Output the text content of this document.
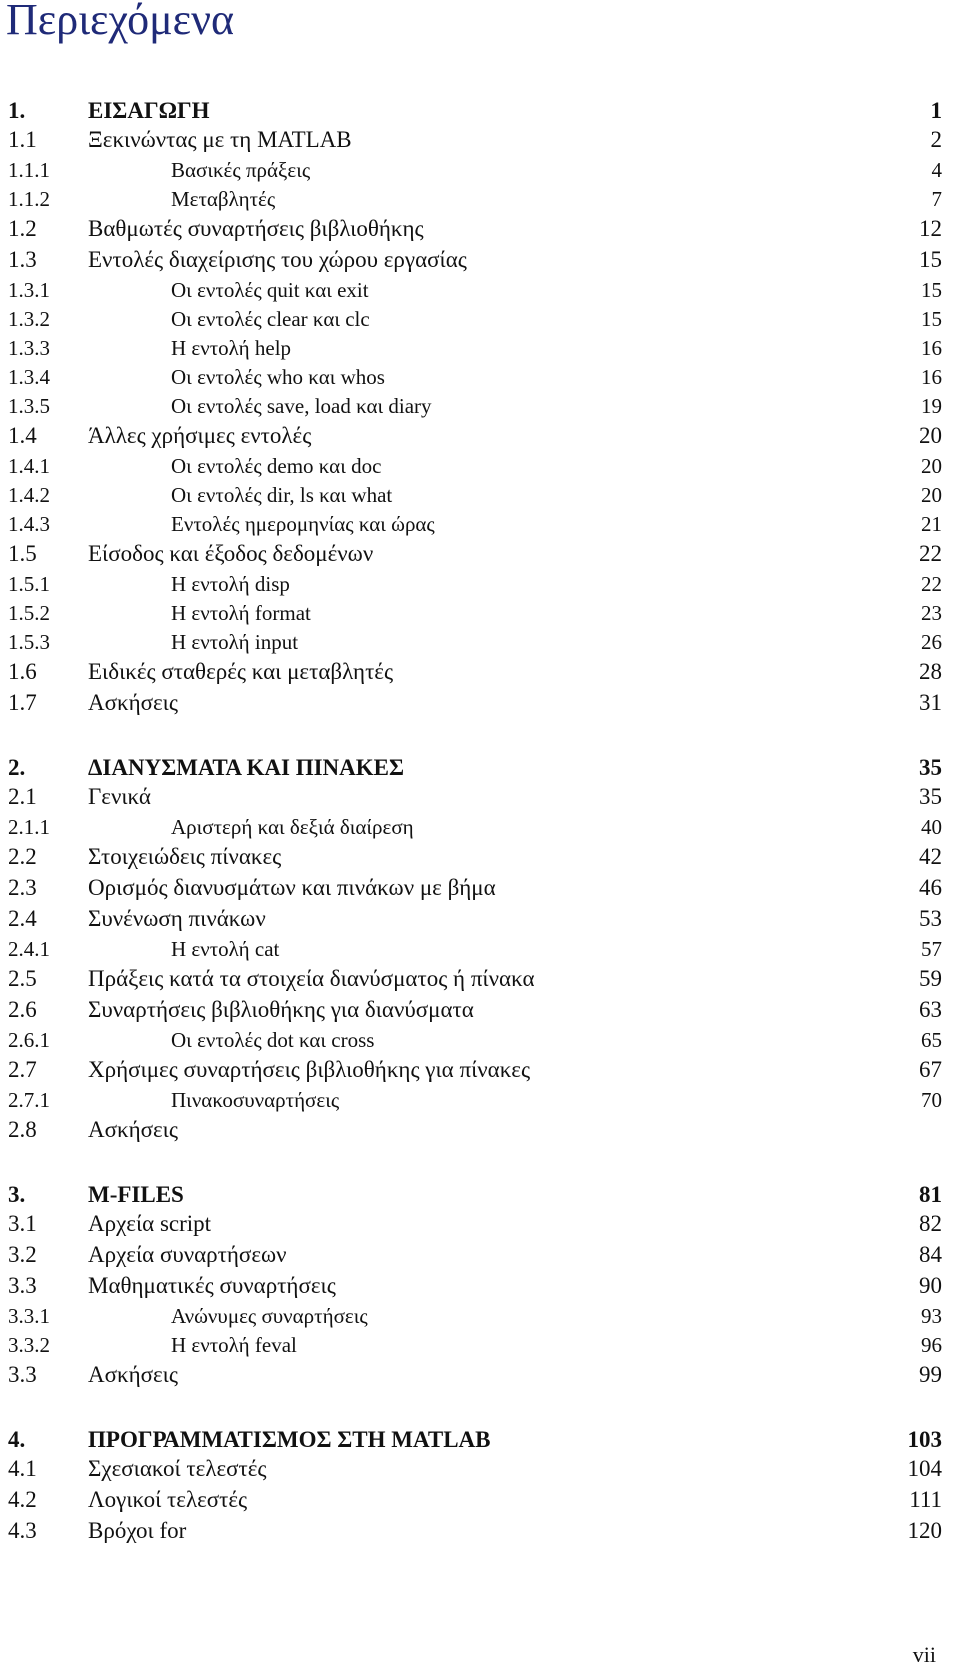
Περιεχόμενα
1.	ΕΙΣΑΓΩΓΗ	1
1.1 Ξεκινώντας με τη MATLAB	2
1.1.1	Βασικές πράξεις	4
1.1.2	Μεταβλητές	7
1.2 Βαθμωτές συναρτήσεις βιβλιοθήκης	12
1.3 Εντολές διαχείρισης του χώρου εργασίας	15
1.3.1	Οι εντολές quit και exit	15
1.3.2	Οι εντολές clear και clc	15
1.3.3	Η εντολή help	16
1.3.4	Οι εντολές who και whos	16
1.3.5	Οι εντολές save, load και diary	19
1.4 Άλλες χρήσιμες εντολές	20
1.4.1	Οι εντολές demo και doc	20
1.4.2	Οι εντολές dir, ls και what	20
1.4.3	Εντολές ημερομηνίας και ώρας	21
1.5 Είσοδος και έξοδος δεδομένων	22
1.5.1	Η εντολή disp	22
1.5.2	Η εντολή format	23
1.5.3	Η εντολή input	26
1.6 Ειδικές σταθερές και μεταβλητές	28
1.7 Ασκήσεις	31
2.	ΔΙΑΝΥΣΜΑΤΑ ΚΑΙ ΠΙΝΑΚΕΣ	35
2.1 Γενικά	35
2.1.1	Αριστερή και δεξιά διαίρεση	40
2.2 Στοιχειώδεις πίνακες	42
2.3 Ορισμός διανυσμάτων και πινάκων με βήμα	46
2.4 Συνένωση πινάκων	53
2.4.1	Η εντολή cat	57
2.5 Πράξεις κατά τα στοιχεία διανύσματος ή πίνακα	59
2.6 Συναρτήσεις βιβλιοθήκης για διανύσματα	63
2.6.1	Οι εντολές dot και cross	65
2.7 Χρήσιμες συναρτήσεις βιβλιοθήκης για πίνακες	67
2.7.1	Πινακοσυναρτήσεις	70
2.8 Ασκήσεις
3.	M-FILES	81
3.1 Αρχεία script	82
3.2 Αρχεία συναρτήσεων	84
3.3 Μαθηματικές συναρτήσεις	90
3.3.1	Ανώνυμες συναρτήσεις	93
3.3.2	Η εντολή feval	96
3.3 Ασκήσεις	99
4.	ΠΡΟΓΡΑΜΜΑΤΙΣΜΟΣ ΣΤΗ MATLAB	103
4.1 Σχεσιακοί τελεστές	104
4.2 Λογικοί τελεστές	111
4.3 Βρόχοι for	120
vii
